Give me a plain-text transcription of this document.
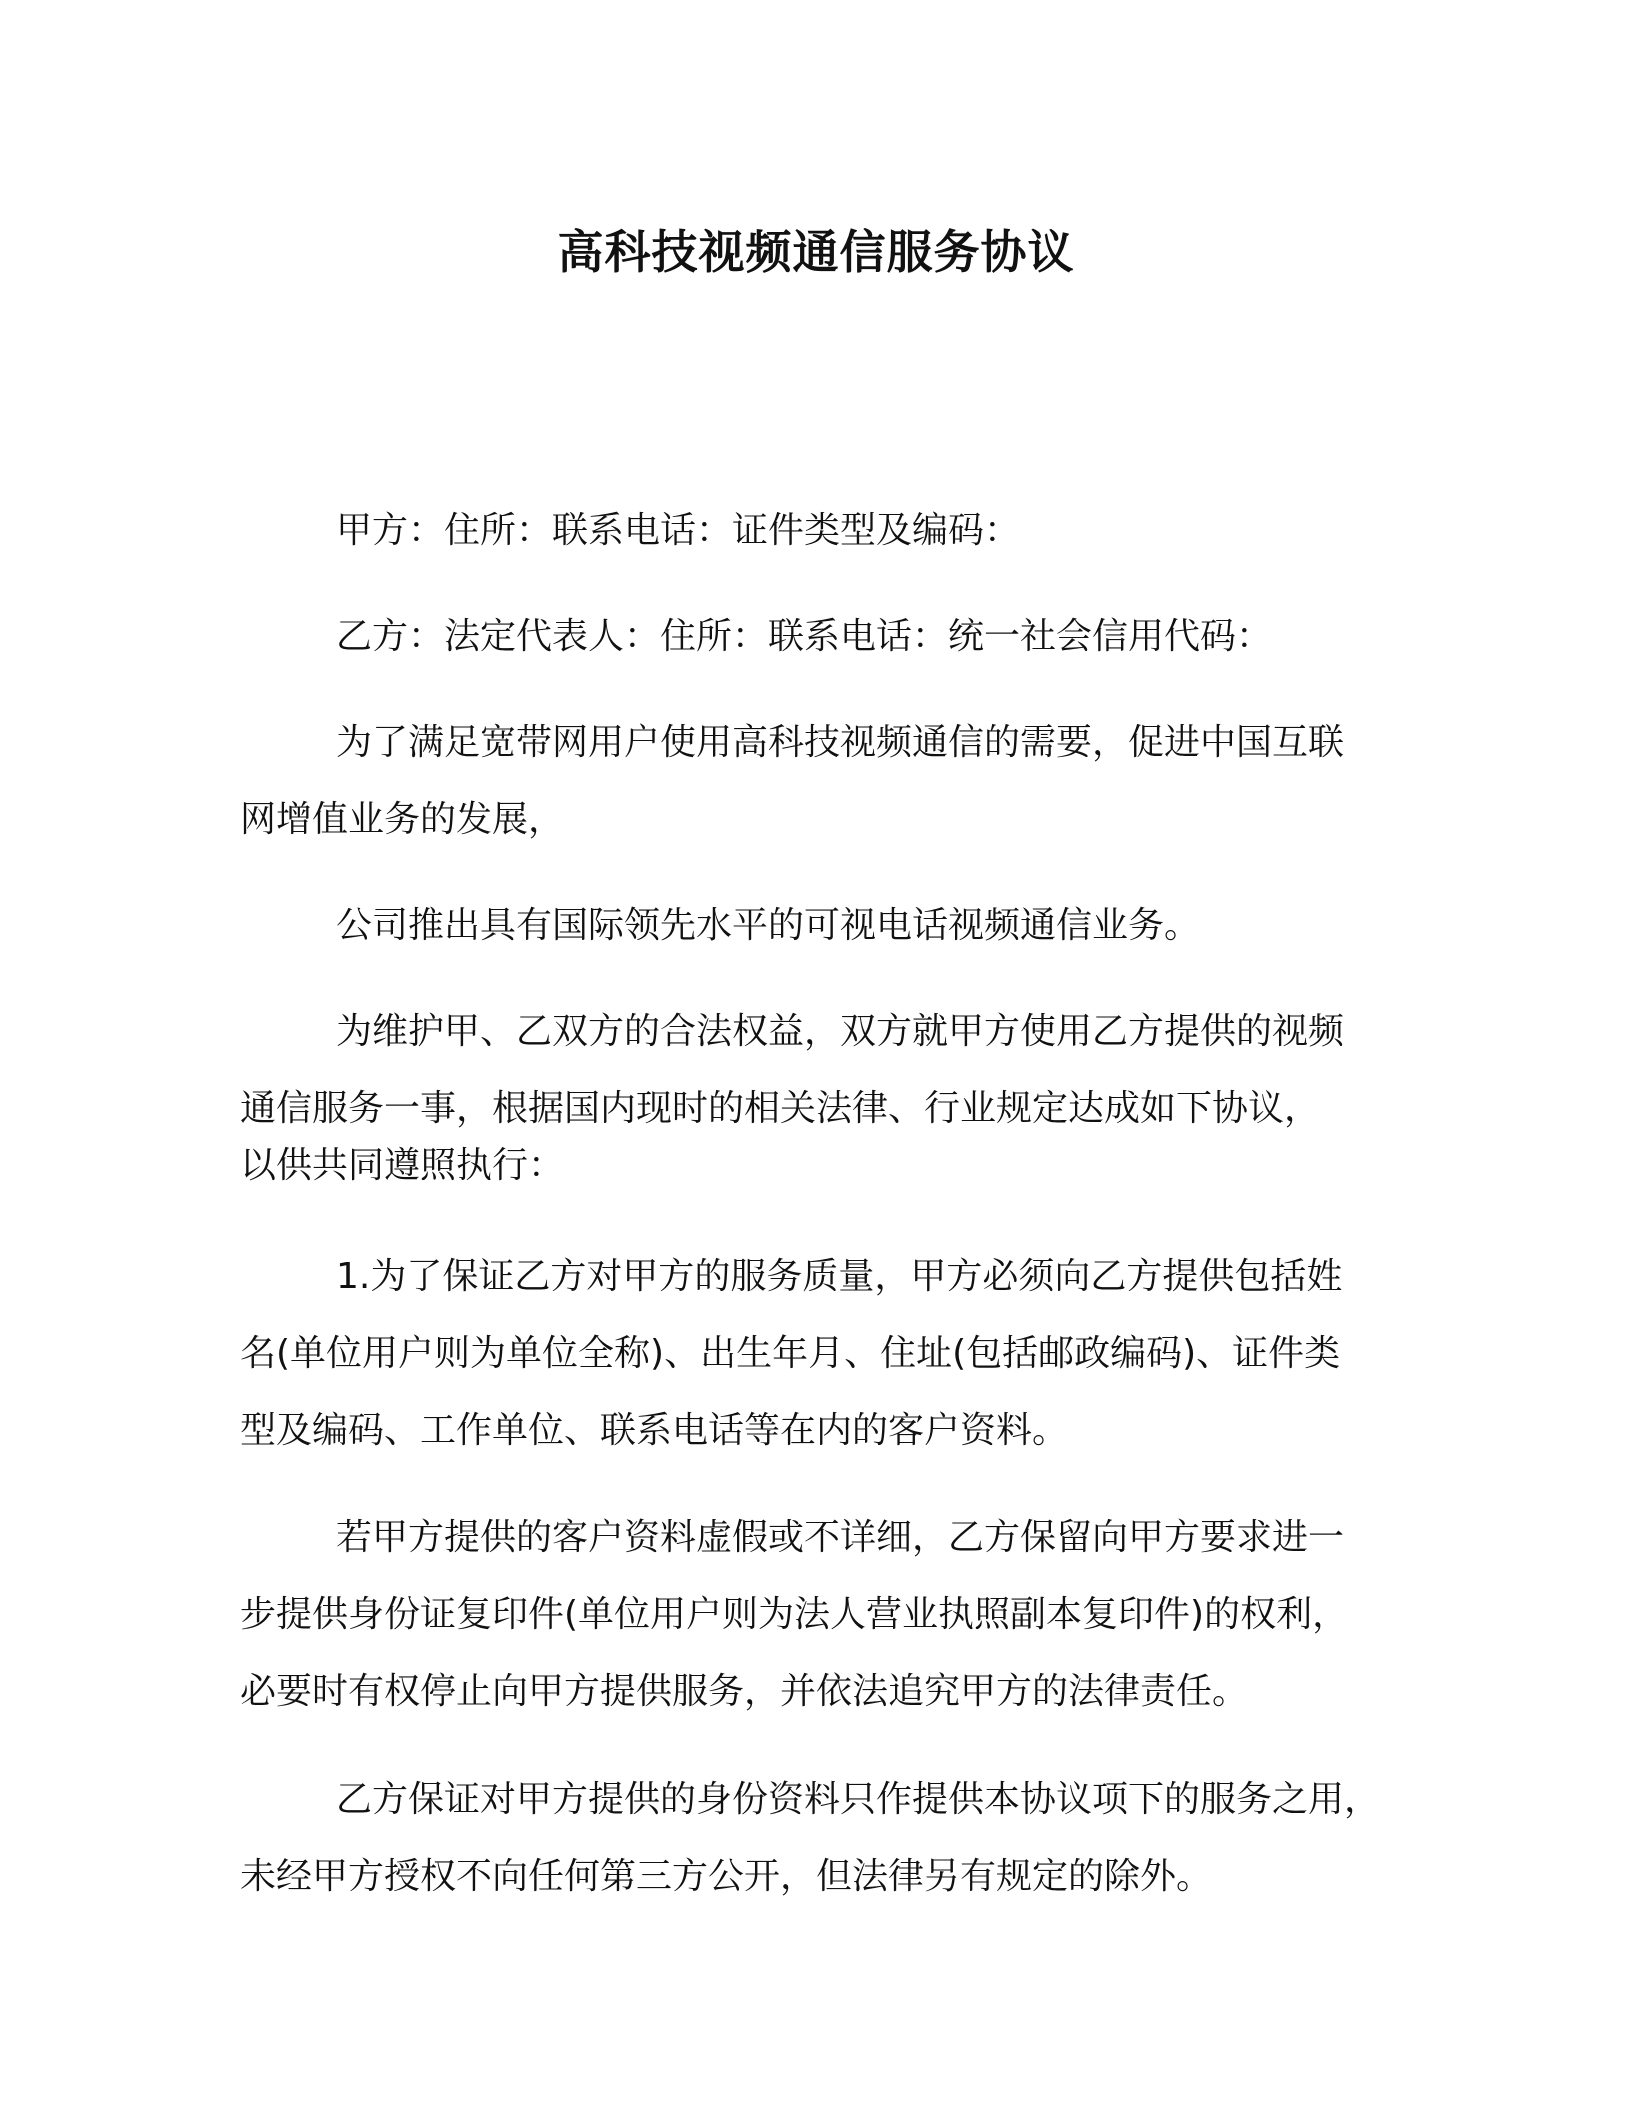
高科技视频通信服务协议
甲方：住所：联系电话：证件类型及编码：
乙方：法定代表人：住所：联系电话：统一社会信用代码：
为了满足宽带网用户使用高科技视频通信的需要，促进中国互联
网增值业务的发展，
公司推出具有国际领先水平的可视电话视频通信业务。
为维护甲、乙双方的合法权益，双方就甲方使用乙方提供的视频
通信服务一事，根据国内现时的相关法律、行业规定达成如下协议，
以供共同遵照执行：
1.为了保证乙方对甲方的服务质量，甲方必须向乙方提供包括姓
名(单位用户则为单位全称)、出生年月、住址(包括邮政编码)、证件类
型及编码、工作单位、联系电话等在内的客户资料。
若甲方提供的客户资料虚假或不详细，乙方保留向甲方要求进一
步提供身份证复印件(单位用户则为法人营业执照副本复印件)的权利，
必要时有权停止向甲方提供服务，并依法追究甲方的法律责任。
乙方保证对甲方提供的身份资料只作提供本协议项下的服务之用，
未经甲方授权不向任何第三方公开，但法律另有规定的除外。
